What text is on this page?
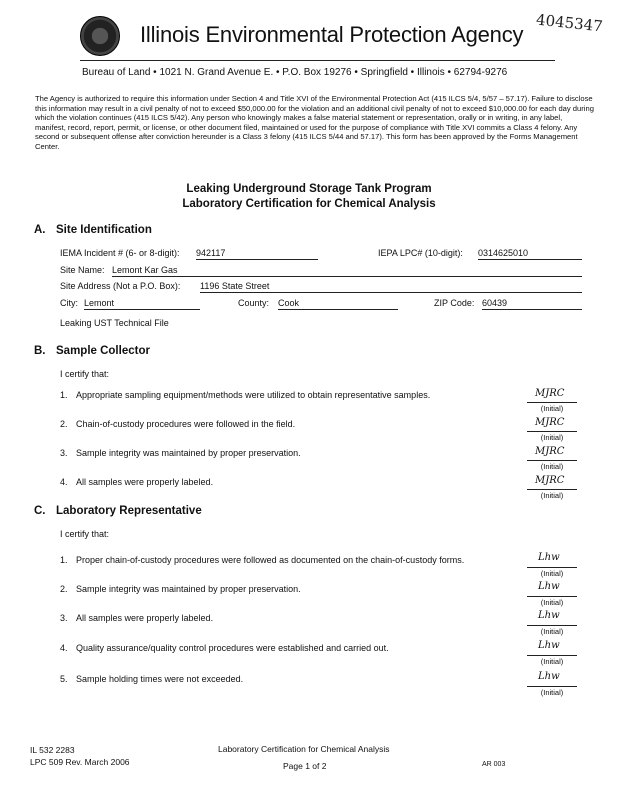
Illinois Environmental Protection Agency 4045347
Bureau of Land • 1021 N. Grand Avenue E. • P.O. Box 19276 • Springfield • Illinois • 62794-9276
The Agency is authorized to require this information under Section 4 and Title XVI of the Environmental Protection Act (415 ILCS 5/4, 5/57 – 57.17). Failure to disclose this information may result in a civil penalty of not to exceed $50,000.00 for the violation and an additional civil penalty of not to exceed $10,000.00 for each day during which the violation continues (415 ILCS 5/42). Any person who knowingly makes a false material statement or representation, orally or in writing, in any label, manifest, record, report, permit, or license, or other document filed, maintained or used for the purpose of compliance with Title XVI commits a Class 4 felony. Any second or subsequent offense after conviction hereunder is a Class 3 felony (415 ILCS 5/44 and 57.17). This form has been approved by the Forms Management Center.
Leaking Underground Storage Tank Program
Laboratory Certification for Chemical Analysis
A. Site Identification
IEMA Incident # (6- or 8-digit): 942117	IEPA LPC# (10-digit): 0314625010
Site Name: Lemont Kar Gas
Site Address (Not a P.O. Box): 1196 State Street
City: Lemont	County: Cook	ZIP Code: 60439
Leaking UST Technical File
B. Sample Collector
I certify that:
1. Appropriate sampling equipment/methods were utilized to obtain representative samples.	MJRC
(Initial)
2. Chain-of-custody procedures were followed in the field.	MJRC
(Initial)
3. Sample integrity was maintained by proper preservation.	MJRC
(Initial)
4. All samples were properly labeled.	MJRC
(Initial)
C. Laboratory Representative
I certify that:
1. Proper chain-of-custody procedures were followed as documented on the chain-of-custody forms.	Lhw
(Initial)
2. Sample integrity was maintained by proper preservation.	Lhw
(Initial)
3. All samples were properly labeled.	Lhw
(Initial)
4. Quality assurance/quality control procedures were established and carried out.	Lhw
(Initial)
5. Sample holding times were not exceeded.	Lhw
(Initial)
IL 532 2283
LPC 509 Rev. March 2006
Laboratory Certification for Chemical Analysis
Page 1 of 2	AR 003
